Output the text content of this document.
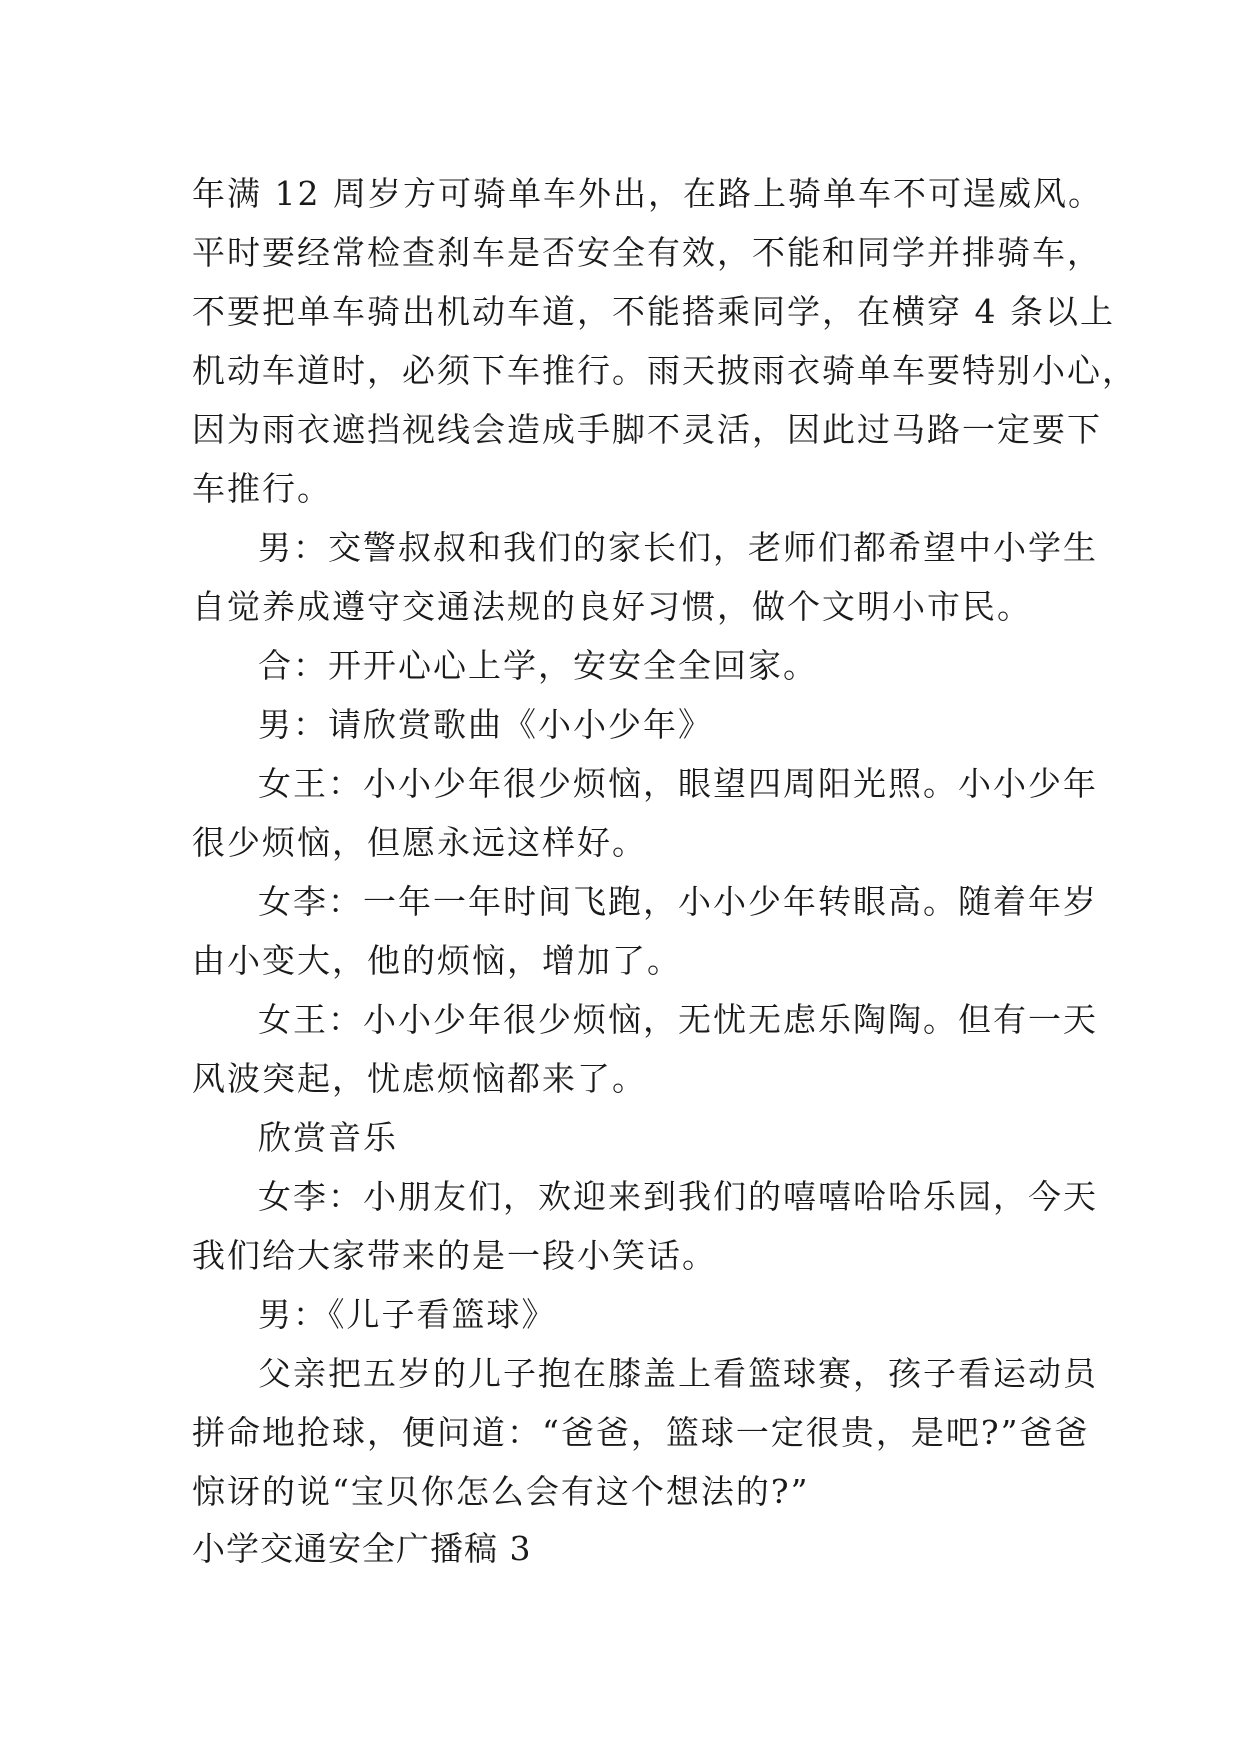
年满 12 周岁方可骑单车外出，在路上骑单车不可逞威风。
平时要经常检查刹车是否安全有效，不能和同学并排骑车，
不要把单车骑出机动车道，不能搭乘同学，在横穿 4 条以上
机动车道时，必须下车推行。雨天披雨衣骑单车要特别小心，
因为雨衣遮挡视线会造成手脚不灵活，因此过马路一定要下
车推行。
男：交警叔叔和我们的家长们，老师们都希望中小学生
自觉养成遵守交通法规的良好习惯，做个文明小市民。
合：开开心心上学，安安全全回家。
男：请欣赏歌曲《小小少年》
女王：小小少年很少烦恼，眼望四周阳光照。小小少年
很少烦恼，但愿永远这样好。
女李：一年一年时间飞跑，小小少年转眼高。随着年岁
由小变大，他的烦恼，增加了。
女王：小小少年很少烦恼，无忧无虑乐陶陶。但有一天
风波突起，忧虑烦恼都来了。
欣赏音乐
女李：小朋友们，欢迎来到我们的嘻嘻哈哈乐园，今天
我们给大家带来的是一段小笑话。
男：《儿子看篮球》
父亲把五岁的儿子抱在膝盖上看篮球赛，孩子看运动员
拼命地抢球，便问道：“爸爸，篮球一定很贵，是吧?”爸爸
惊讶的说“宝贝你怎么会有这个想法的?”
小学交通安全广播稿 3
